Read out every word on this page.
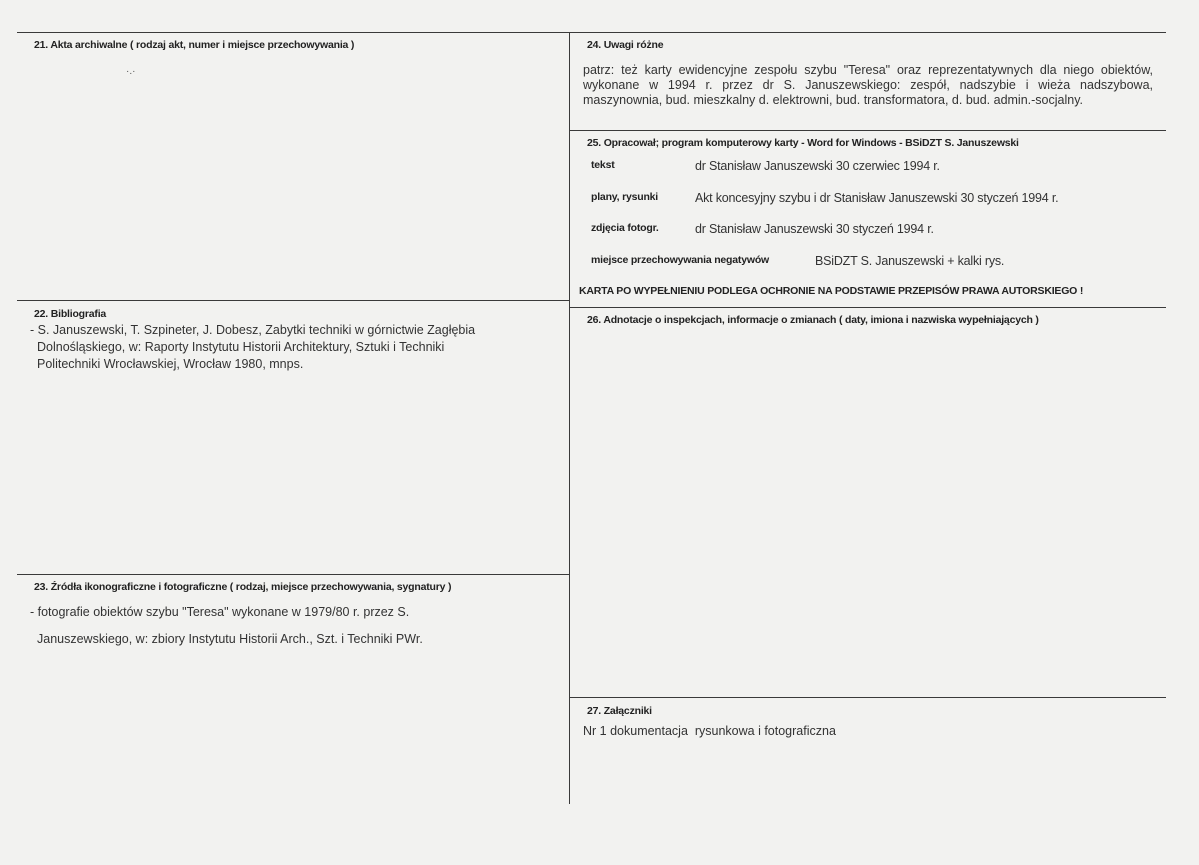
21. Akta archiwalne ( rodzaj akt, numer i miejsce przechowywania )
·.·
22. Bibliografia
- S. Januszewski, T. Szpineter, J. Dobesz, Zabytki techniki w górnictwie Zagłębia
Dolnośląskiego, w: Raporty Instytutu Historii Architektury, Sztuki i Techniki
Politechniki Wrocławskiej, Wrocław 1980, mnps.
23. Źródła ikonograficzne i fotograficzne ( rodzaj, miejsce przechowywania, sygnatury )
- fotografie obiektów szybu "Teresa" wykonane w 1979/80 r. przez S.
Januszewskiego, w: zbiory Instytutu Historii Arch., Szt. i Techniki PWr.
24. Uwagi różne
patrz: też karty ewidencyjne zespołu szybu "Teresa" oraz reprezentatywnych dla niego obiektów, wykonane w 1994 r. przez dr S. Januszewskiego: zespół, nadszybie i wieża nadszybowa, maszynownia, bud. mieszkalny d. elektrowni, bud. transformatora, d. bud. admin.-socjalny.
25. Opracował; program komputerowy karty - Word for Windows - BSiDZT S. Januszewski
tekst	dr Stanisław Januszewski 30 czerwiec 1994 r.
plany, rysunki	Akt koncesyjny szybu i dr Stanisław Januszewski 30 styczeń 1994 r.
zdjęcia fotogr.	dr Stanisław Januszewski 30 styczeń 1994 r.
miejsce przechowywania negatywów	BSiDZT S. Januszewski + kalki rys.
KARTA PO WYPEŁNIENIU PODLEGA OCHRONIE NA PODSTAWIE PRZEPISÓW PRAWA AUTORSKIEGO !
26. Adnotacje o inspekcjach, informacje o zmianach ( daty, imiona i nazwiska wypełniających )
27. Załączniki
Nr 1 dokumentacja  rysunkowa i fotograficzna
